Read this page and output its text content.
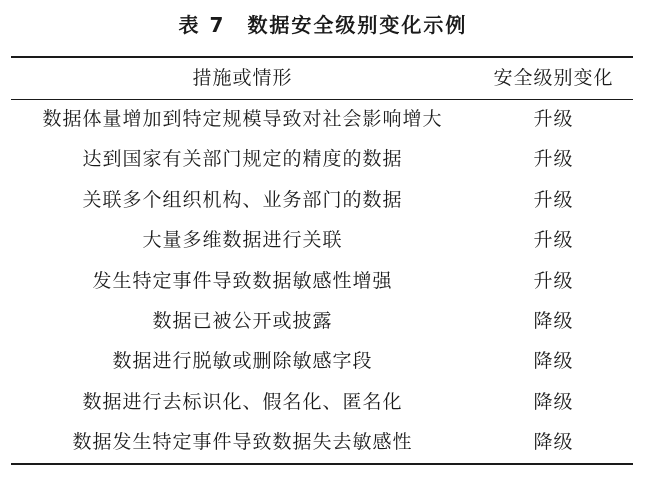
表 7 数据安全级别变化示例
措施或情形	安全级别变化
数据体量增加到特定规模导致对社会影响增大	升级
达到国家有关部门规定的精度的数据	升级
关联多个组织机构、业务部门的数据	升级
大量多维数据进行关联	升级
发生特定事件导致数据敏感性增强	升级
数据已被公开或披露	降级
数据进行脱敏或删除敏感字段	降级
数据进行去标识化、假名化、匿名化	降级
数据发生特定事件导致数据失去敏感性	降级
